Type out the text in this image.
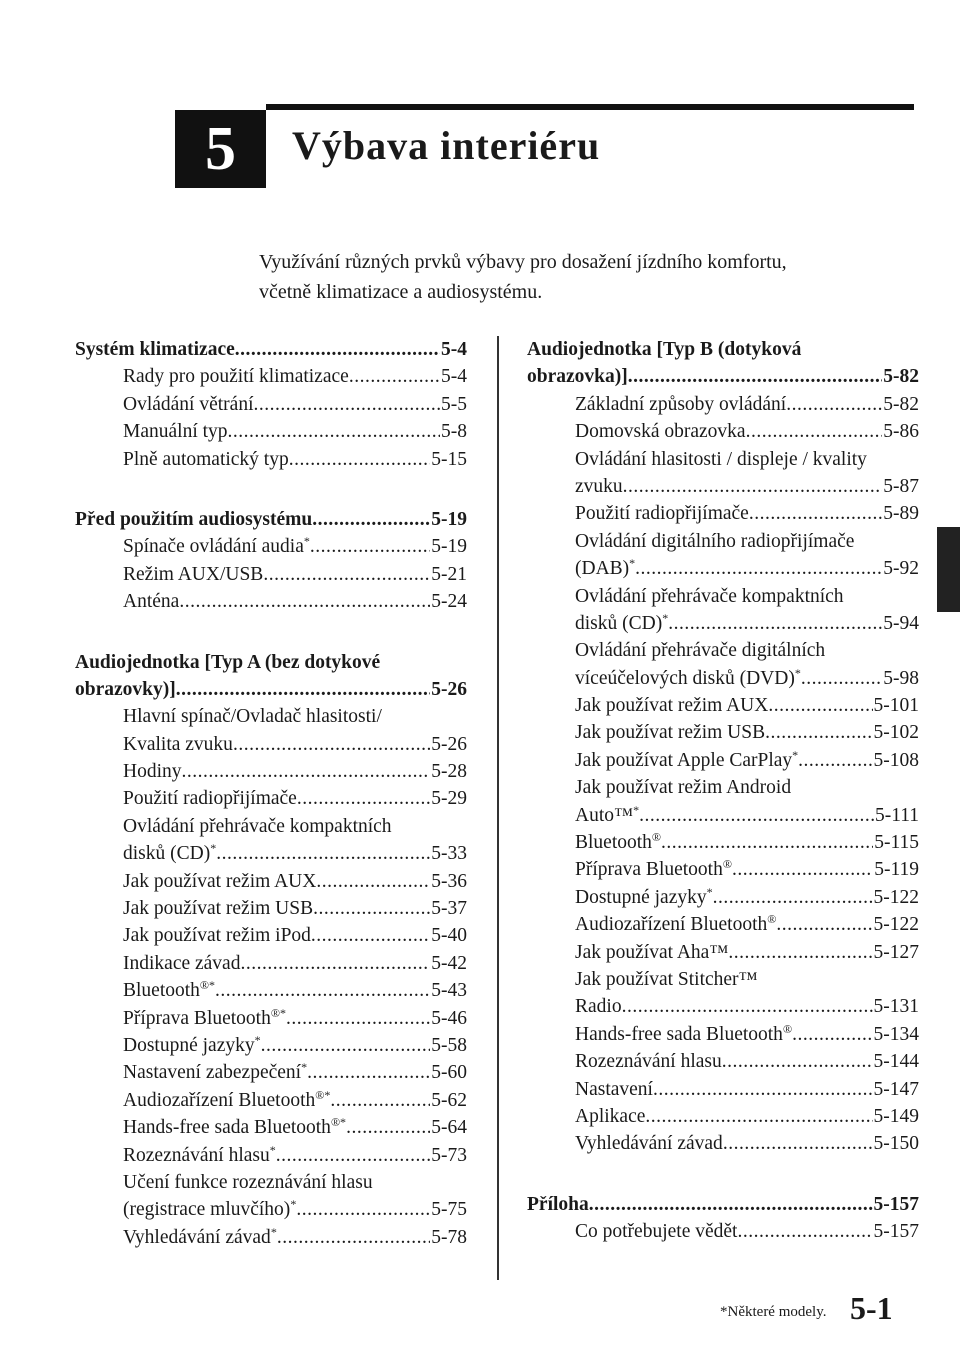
5 Výbava interiéru
Využívání různých prvků výbavy pro dosažení jízdního komfortu,
včetně klimatizace a audiosystému.
Systém klimatizace .....	5-4
Rady pro použití klimatizace .....	5-4
Ovládání větrání .....	5-5
Manuální typ .....	5-8
Plně automatický typ .....	5-15
Před použitím audiosystému .....	5-19
Spínače ovládání audia* .....	5-19
Režim AUX/USB .....	5-21
Anténa .....	5-24
Audiojednotka [Typ A (bez dotykové
obrazovky)] .....	5-26
Hlavní spínač/Ovladač hlasitosti/
Kvalita zvuku .....	5-26
Hodiny .....	5-28
Použití radiopřijímače .....	5-29
Ovládání přehrávače kompaktních
disků (CD)* .....	5-33
Jak používat režim AUX .....	5-36
Jak používat režim USB .....	5-37
Jak používat režim iPod .....	5-40
Indikace závad .....	5-42
Bluetooth®* .....	5-43
Příprava Bluetooth®* .....	5-46
Dostupné jazyky* .....	5-58
Nastavení zabezpečení* .....	5-60
Audiozařízení Bluetooth®* .....	5-62
Hands-free sada Bluetooth®* .....	5-64
Rozeznávání hlasu* .....	5-73
Učení funkce rozeznávání hlasu
(registrace mluvčího)* .....	5-75
Vyhledávání závad* .....	5-78
Audiojednotka [Typ B (dotyková
obrazovka)] .....	5-82
Základní způsoby ovládání .....	5-82
Domovská obrazovka .....	5-86
Ovládání hlasitosti / displeje / kvality
zvuku .....	5-87
Použití radiopřijímače .....	5-89
Ovládání digitálního radiopřijímače
(DAB)* .....	5-92
Ovládání přehrávače kompaktních
disků (CD)* .....	5-94
Ovládání přehrávače digitálních
víceúčelových disků (DVD)* .....	5-98
Jak používat režim AUX .....	5-101
Jak používat režim USB .....	5-102
Jak používat Apple CarPlay* .....	5-108
Jak používat režim Android
Auto™* .....	5-111
Bluetooth® .....	5-115
Příprava Bluetooth® .....	5-119
Dostupné jazyky* .....	5-122
Audiozařízení Bluetooth® .....	5-122
Jak používat Aha™ .....	5-127
Jak používat Stitcher™
Radio .....	5-131
Hands-free sada Bluetooth® .....	5-134
Rozeznávání hlasu .....	5-144
Nastavení .....	5-147
Aplikace .....	5-149
Vyhledávání závad .....	5-150
Příloha .....	5-157
Co potřebujete vědět .....	5-157
*Některé modely. 5-1
